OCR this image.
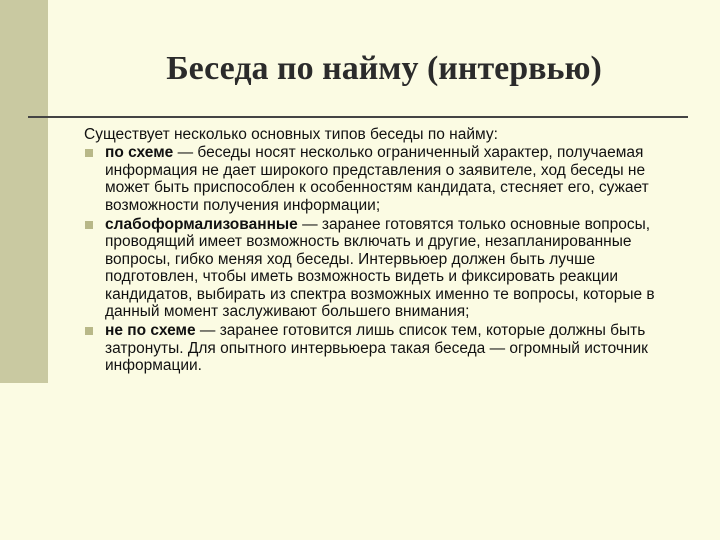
Беседа по найму (интервью)

Существует несколько основных типов беседы по найму:

по схеме — беседы носят несколько ограниченный характер, получаемая информация не дает широкого представления о заявителе, ход беседы не может быть приспособлен к особенностям кандидата, стесняет его, сужает возможности получения информации;
слабоформализованные — заранее готовятся только основные вопросы, проводящий имеет возможность включать и другие, незапланированные вопросы, гибко меняя ход беседы. Интервьюер должен быть лучше подготовлен, чтобы иметь возможность видеть и фиксировать реакции кандидатов, выбирать из спектра возможных именно те вопросы, которые в данный момент заслуживают большего внимания;
не по схеме — заранее готовится лишь список тем, которые должны быть затронуты. Для опытного интервьюера такая беседа — огромный источник информации.
